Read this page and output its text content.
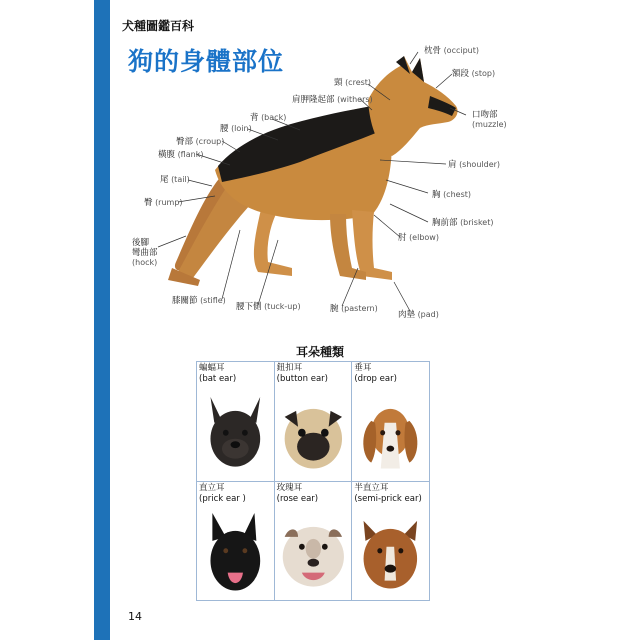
犬種圖鑑百科
狗的身體部位	枕骨 (occiput)
頸 (crest)
額段 (stop)
肩胛隆起部 (withers)
口吻部
(muzzle)
背 (back)
腰 (loin)
臀部 (croup)
橫腹 (flank)
肩 (shoulder)
尾 (tail)
胸 (chest)
臀 (rump)
胸前部 (brisket)
後腳 彎曲部
(hock)
肘 (elbow)
膝關節 (stifle)
腰下側 (tuck-up)	腕 (pastern)
肉墊 (pad)
耳朵種類
蝙蝠耳
(bat ear)
鈕扣耳
(button ear)
垂耳
(drop ear)
直立耳
(prick ear )
玫瑰耳
(rose ear)
半直立耳
(semi-prick ear)
14
